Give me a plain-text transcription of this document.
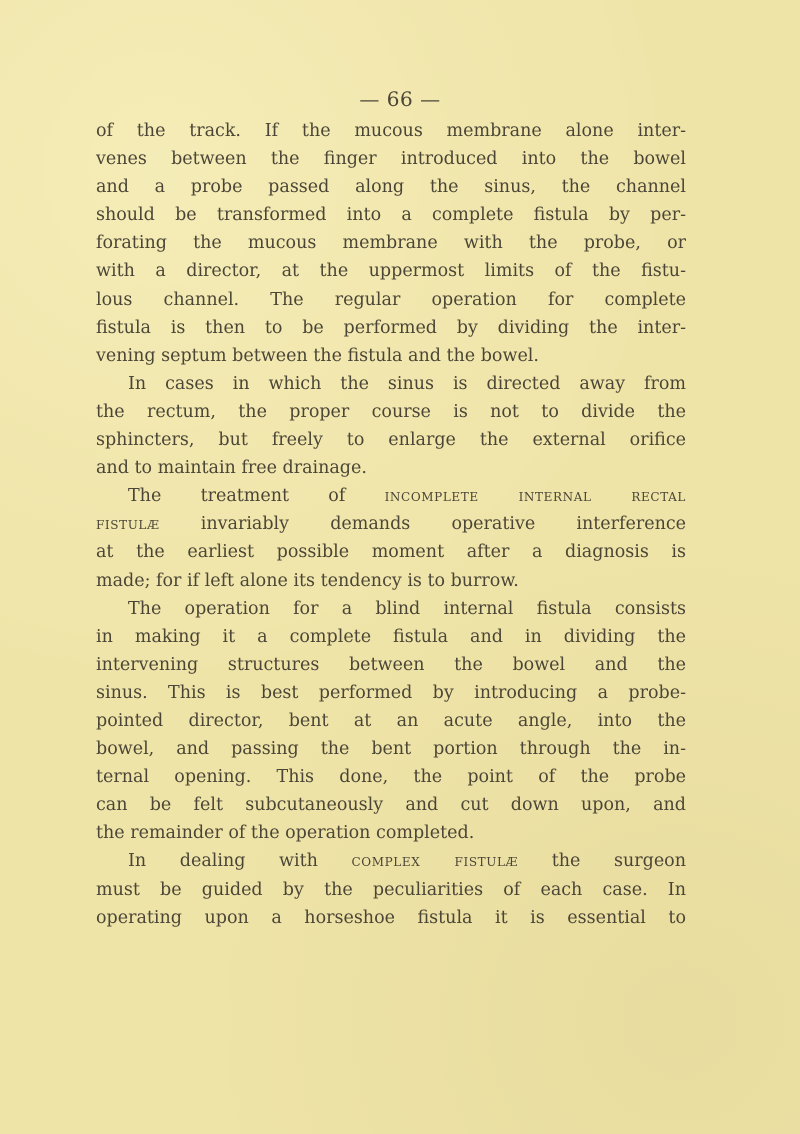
— 66 —
of the track. If the mucous membrane alone inter-
venes between the finger introduced into the bowel
and a probe passed along the sinus, the channel
should be transformed into a complete fistula by per-
forating the mucous membrane with the probe, or
with a director, at the uppermost limits of the fistu-
lous channel. The regular operation for complete
fistula is then to be performed by dividing the inter-
vening septum between the fistula and the bowel.
In cases in which the sinus is directed away from
the rectum, the proper course is not to divide the
sphincters, but freely to enlarge the external orifice
and to maintain free drainage.
The treatment of incomplete internal rectal
fistulæ invariably demands operative interference
at the earliest possible moment after a diagnosis is
made; for if left alone its tendency is to burrow.
The operation for a blind internal fistula consists
in making it a complete fistula and in dividing the
intervening structures between the bowel and the
sinus. This is best performed by introducing a probe-
pointed director, bent at an acute angle, into the
bowel, and passing the bent portion through the in-
ternal opening. This done, the point of the probe
can be felt subcutaneously and cut down upon, and
the remainder of the operation completed.
In dealing with complex fistulæ the surgeon
must be guided by the peculiarities of each case. In
operating upon a horseshoe fistula it is essential to
